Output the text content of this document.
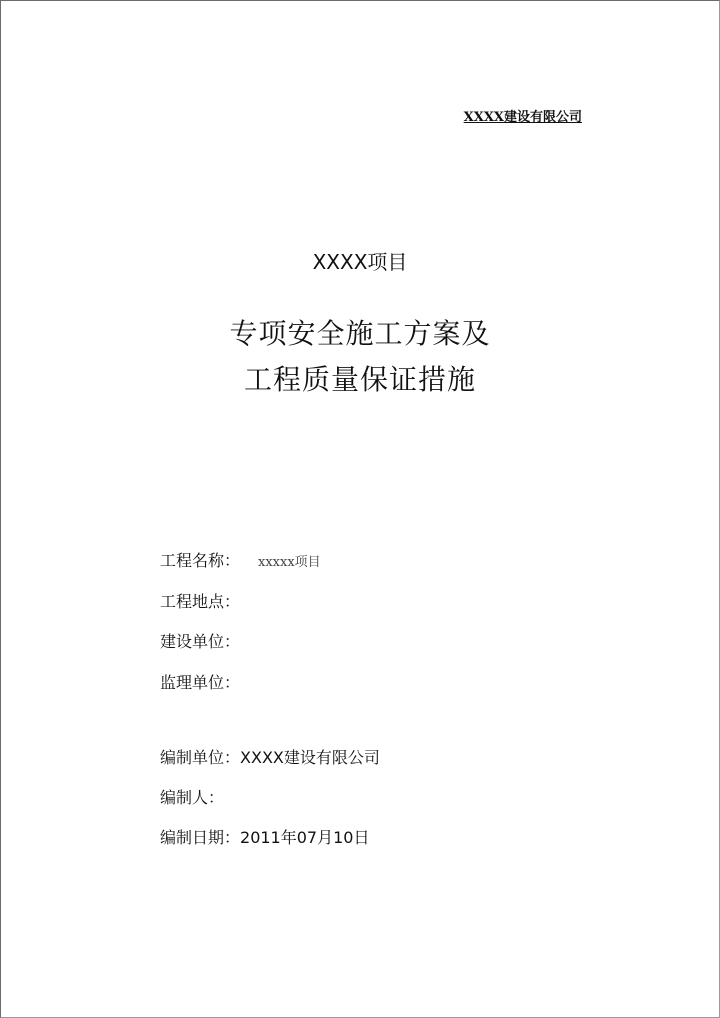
XXXX建设有限公司
XXXX项目
专项安全施工方案及
工程质量保证措施
工程名称： xxxxx项目
工程地点：
建设单位：
监理单位：
编制单位：XXXX建设有限公司
编制人：
编制日期：2011年07月10日
